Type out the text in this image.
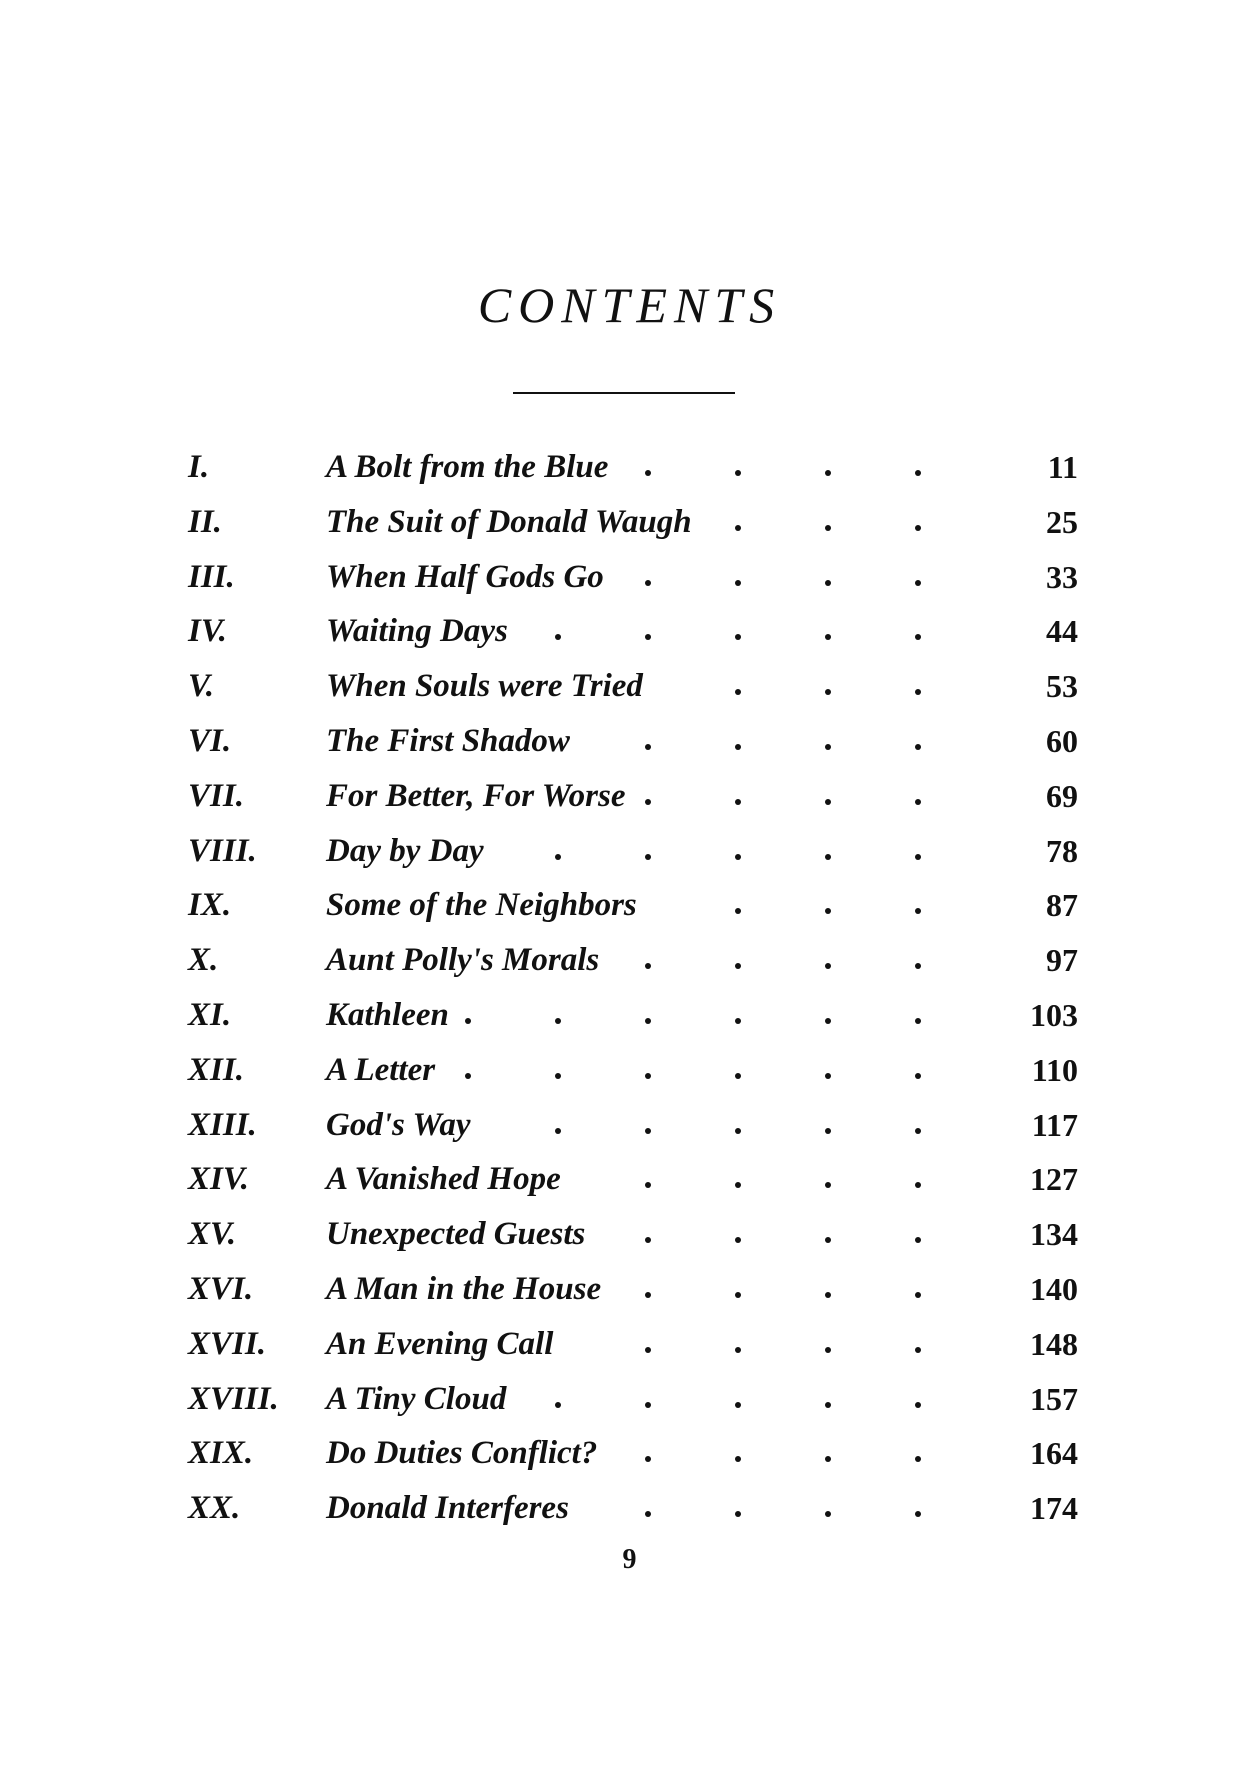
CONTENTS
I.	A Bolt from the Blue	11
II.	The Suit of Donald Waugh	25
III.	When Half Gods Go	33
IV.	Waiting Days	44
V.	When Souls were Tried	53
VI.	The First Shadow	60
VII. For Better, For Worse	69
VIII. Day by Day	78
IX.	Some of the Neighbors	87
X.	Aunt Polly's Morals	97
XI.	Kathleen	103
XII. A Letter	110
XIII. God's Way	117
XIV. A Vanished Hope	127
XV.	Unexpected Guests	134
XVI. A Man in the House	140
XVII. An Evening Call	148
XVIII. A Tiny Cloud	157
XIX. Do Duties Conflict?	164
XX.	Donald Interferes	174
9
